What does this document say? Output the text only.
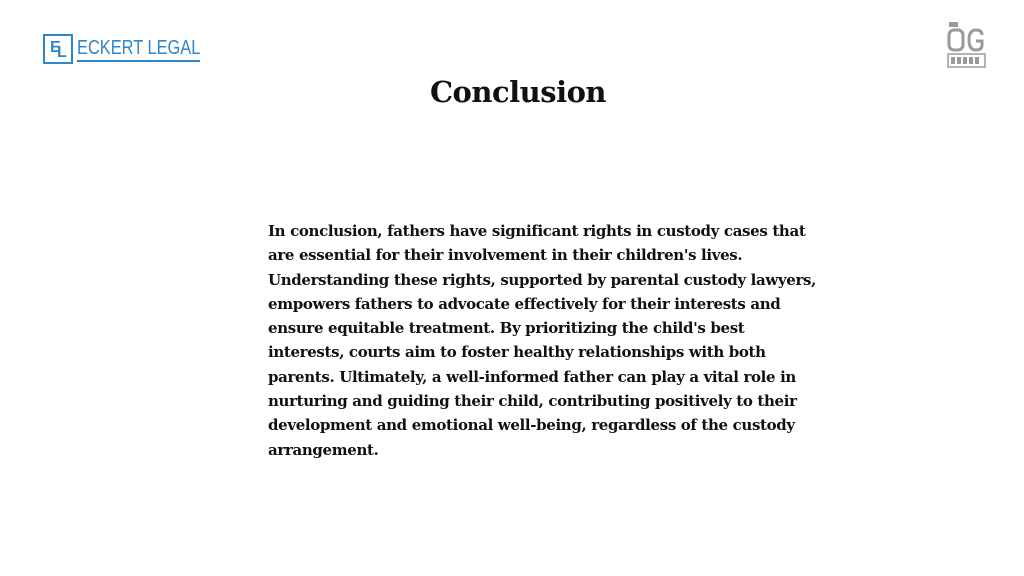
E
L ECKERT LEGAL
Conclusion
In conclusion, fathers have significant rights in custody cases that are essential for their involvement in their children's lives. Understanding these rights, supported by parental custody lawyers, empowers fathers to advocate effectively for their interests and ensure equitable treatment. By prioritizing the child's best interests, courts aim to foster healthy relationships with both parents. Ultimately, a well-informed father can play a vital role in nurturing and guiding their child, contributing positively to their development and emotional well-being, regardless of the custody arrangement.
